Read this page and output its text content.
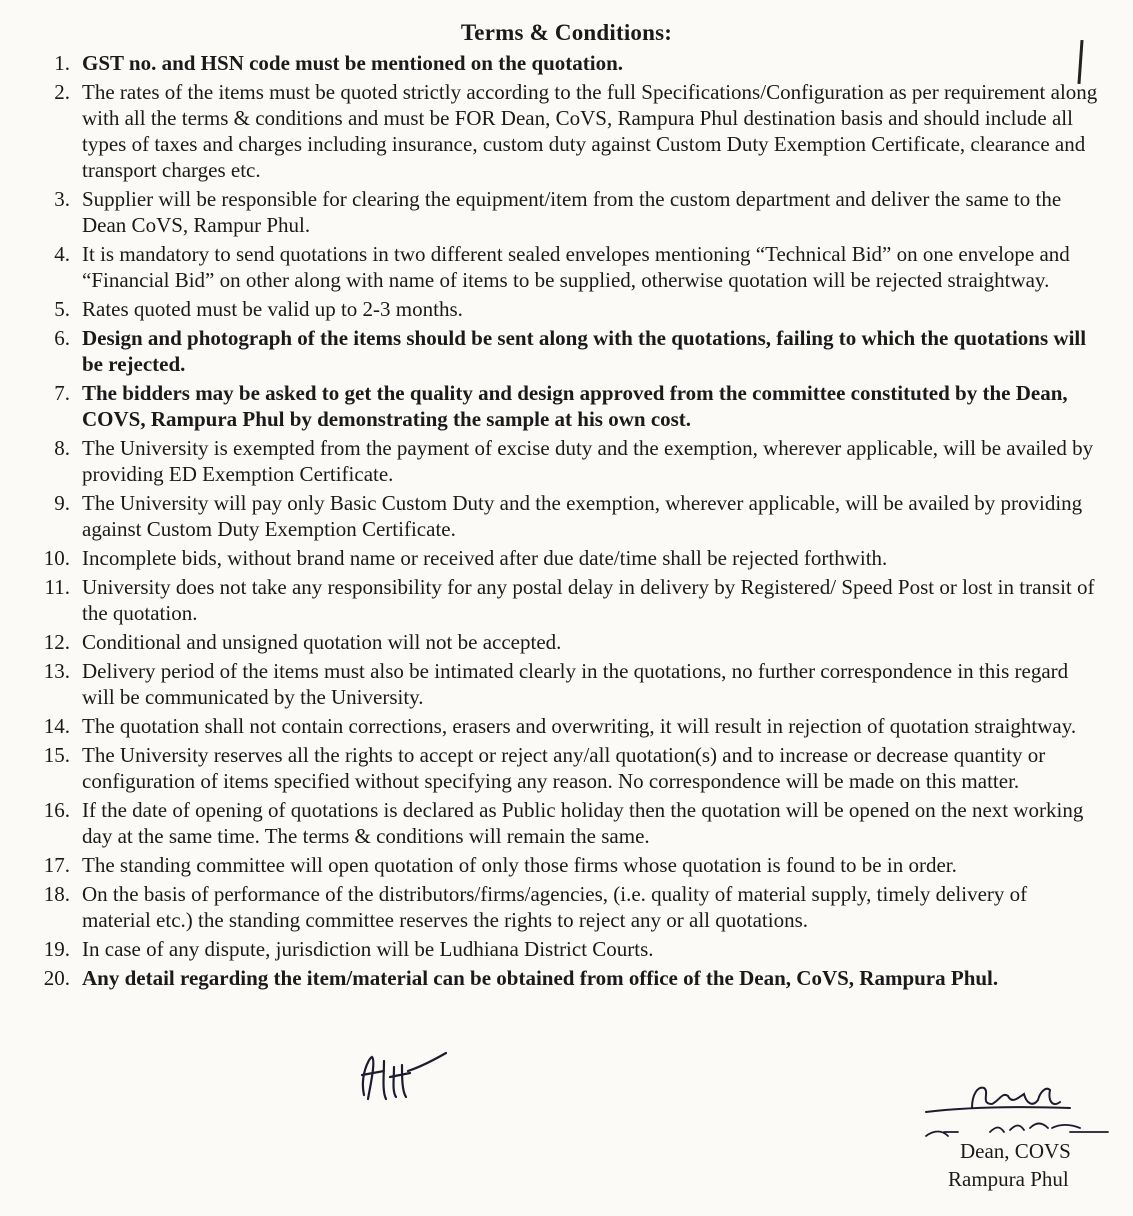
Terms & Conditions:
1. GST no. and HSN code must be mentioned on the quotation.
2. The rates of the items must be quoted strictly according to the full Specifications/Configuration as per requirement along with all the terms & conditions and must be FOR Dean, CoVS, Rampura Phul destination basis and should include all types of taxes and charges including insurance, custom duty against Custom Duty Exemption Certificate, clearance and transport charges etc.
3. Supplier will be responsible for clearing the equipment/item from the custom department and deliver the same to the Dean CoVS, Rampur Phul.
4. It is mandatory to send quotations in two different sealed envelopes mentioning “Technical Bid” on one envelope and “Financial Bid” on other along with name of items to be supplied, otherwise quotation will be rejected straightway.
5. Rates quoted must be valid up to 2-3 months.
6. Design and photograph of the items should be sent along with the quotations, failing to which the quotations will be rejected.
7. The bidders may be asked to get the quality and design approved from the committee constituted by the Dean, COVS, Rampura Phul by demonstrating the sample at his own cost.
8. The University is exempted from the payment of excise duty and the exemption, wherever applicable, will be availed by providing ED Exemption Certificate.
9. The University will pay only Basic Custom Duty and the exemption, wherever applicable, will be availed by providing against Custom Duty Exemption Certificate.
10. Incomplete bids, without brand name or received after due date/time shall be rejected forthwith.
11. University does not take any responsibility for any postal delay in delivery by Registered/ Speed Post or lost in transit of the quotation.
12. Conditional and unsigned quotation will not be accepted.
13. Delivery period of the items must also be intimated clearly in the quotations, no further correspondence in this regard will be communicated by the University.
14. The quotation shall not contain corrections, erasers and overwriting, it will result in rejection of quotation straightway.
15. The University reserves all the rights to accept or reject any/all quotation(s) and to increase or decrease quantity or configuration of items specified without specifying any reason. No correspondence will be made on this matter.
16. If the date of opening of quotations is declared as Public holiday then the quotation will be opened on the next working day at the same time. The terms & conditions will remain the same.
17. The standing committee will open quotation of only those firms whose quotation is found to be in order.
18. On the basis of performance of the distributors/firms/agencies, (i.e. quality of material supply, timely delivery of material etc.) the standing committee reserves the rights to reject any or all quotations.
19. In case of any dispute, jurisdiction will be Ludhiana District Courts.
20. Any detail regarding the item/material can be obtained from office of the Dean, CoVS, Rampura Phul.
Dean, COVS
Rampura Phul
